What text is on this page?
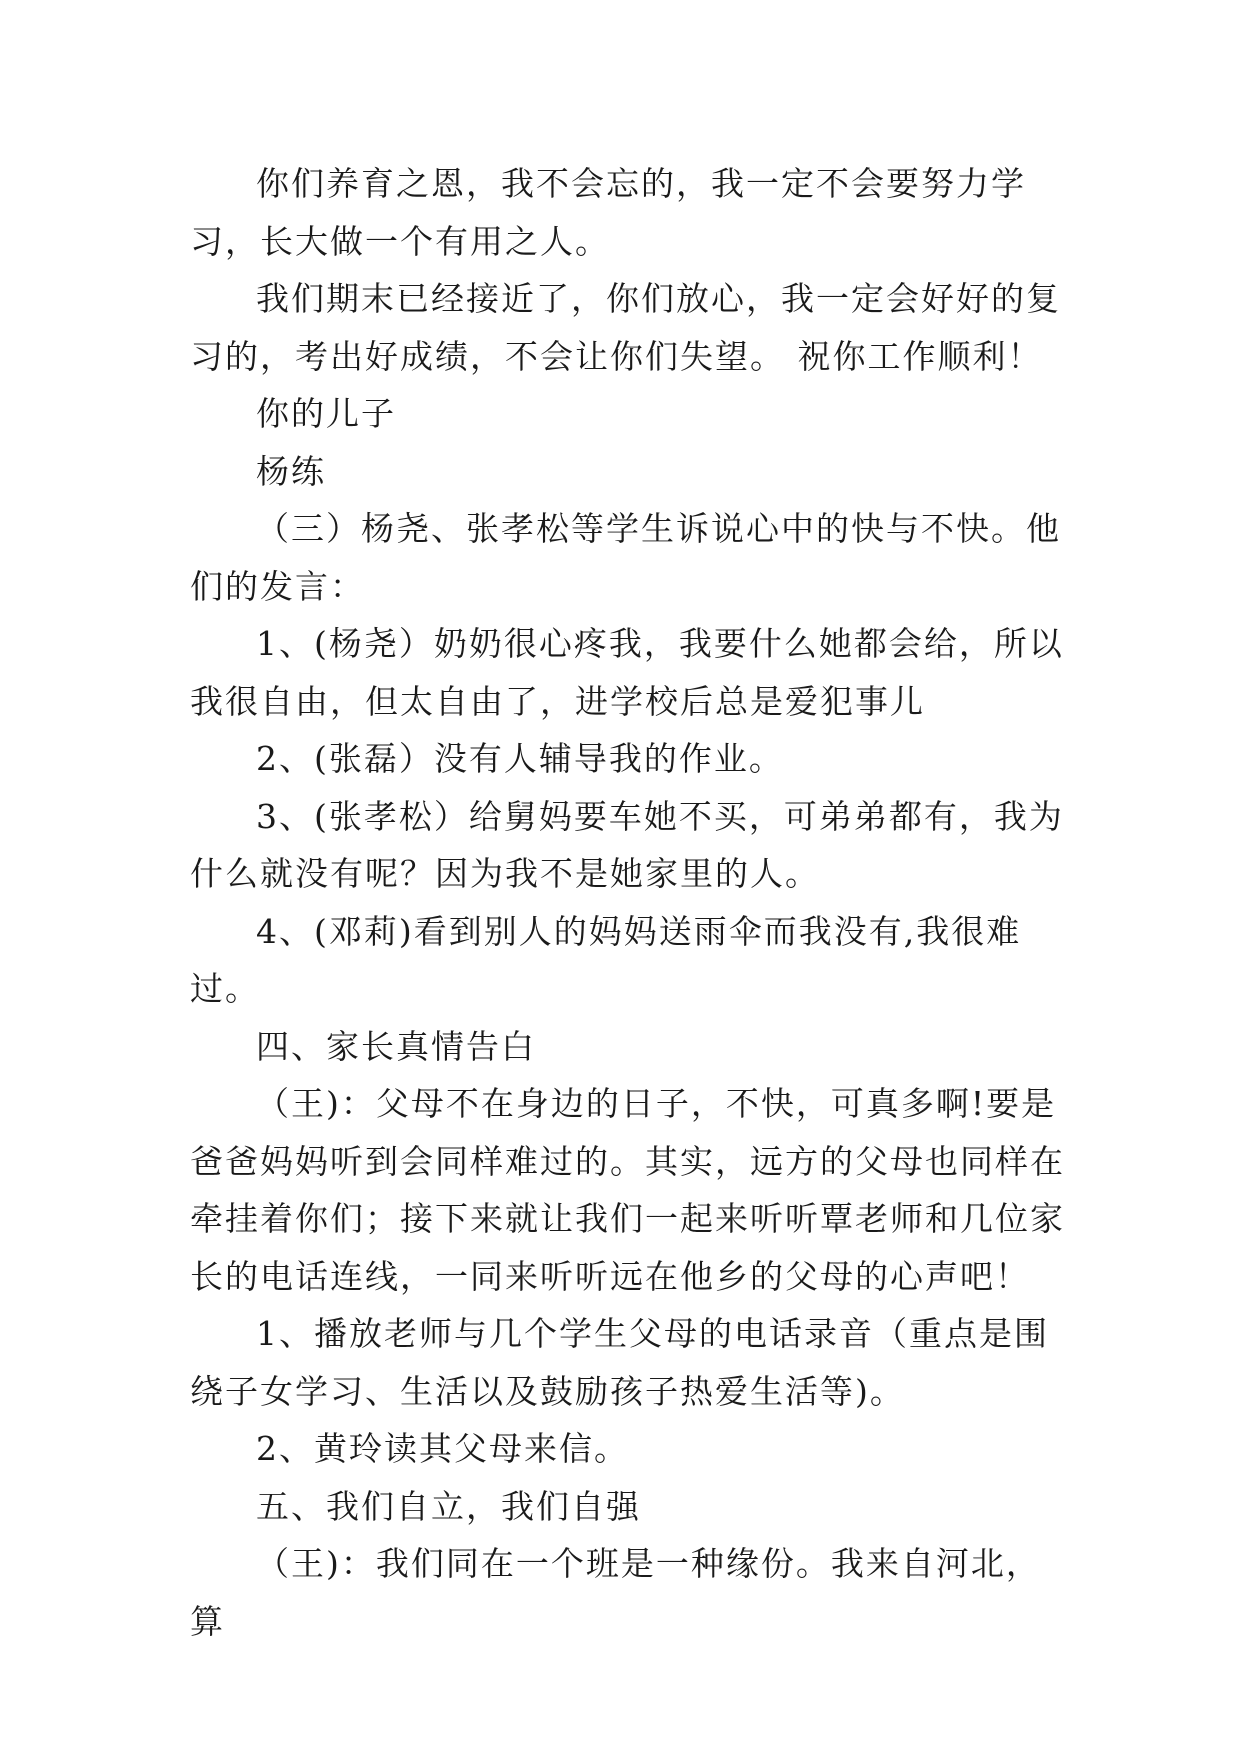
你们养育之恩，我不会忘的，我一定不会要努力学习，长大做一个有用之人。

我们期末已经接近了，你们放心，我一定会好好的复习的，考出好成绩，不会让你们失望。 祝你工作顺利！

你的儿子

杨练

（三）杨尧、张孝松等学生诉说心中的快与不快。他们的发言：

1、(杨尧）奶奶很心疼我，我要什么她都会给，所以我很自由，但太自由了，进学校后总是爱犯事儿

2、(张磊）没有人辅导我的作业。

3、(张孝松）给舅妈要车她不买，可弟弟都有，我为什么就没有呢？因为我不是她家里的人。

4、(邓莉)看到别人的妈妈送雨伞而我没有,我很难过。

四、家长真情告白

（王)：父母不在身边的日子，不快，可真多啊!要是爸爸妈妈听到会同样难过的。其实，远方的父母也同样在牵挂着你们；接下来就让我们一起来听听覃老师和几位家长的电话连线，一同来听听远在他乡的父母的心声吧！

1、播放老师与几个学生父母的电话录音（重点是围绕子女学习、生活以及鼓励孩子热爱生活等)。

2、黄玲读其父母来信。

五、我们自立，我们自强

（王)：我们同在一个班是一种缘份。我来自河北，算
